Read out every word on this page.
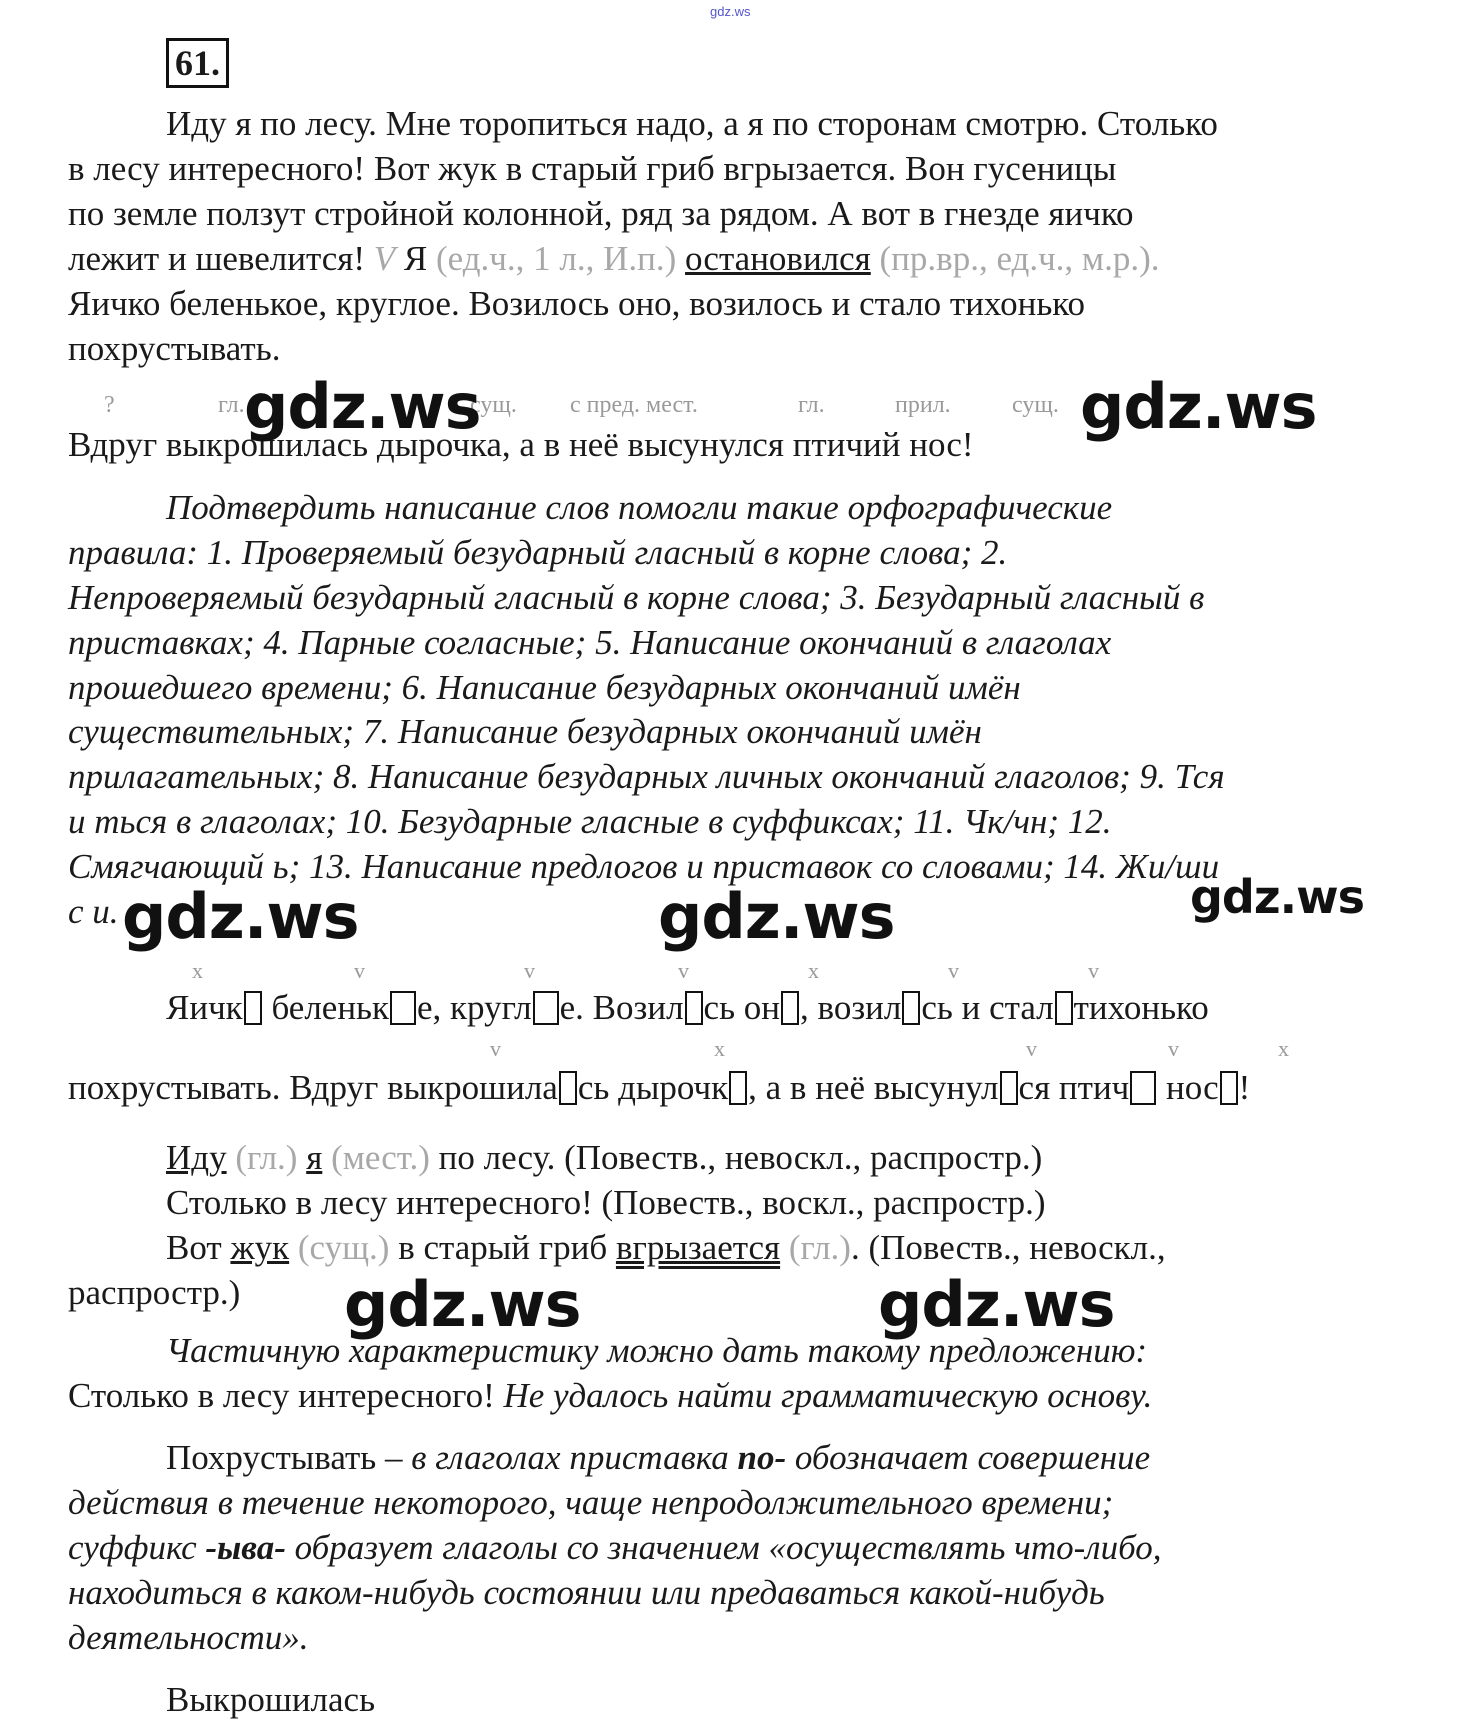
gdz.ws
61.
Иду я по лесу. Мне торопиться надо, а я по сторонам смотрю. Столько
в лесу интересного! Вот жук в старый гриб вгрызается. Вон гусеницы
по земле ползут стройной колонной, ряд за рядом. А вот в гнезде яичко
лежит и шевелится! V Я (ед.ч., 1 л., И.п.) остановился (пр.вр., ед.ч., м.р.).
Яичко беленькое, круглое. Возилось оно, возилось и стало тихонько
похрустывать.
?	гл.	сущ. с пред. мест.	гл.	прил.	сущ.
Вдруг выкрошилась дырочка, а в неё высунулся птичий нос!
Подтвердить написание слов помогли такие орфографические
правила: 1. Проверяемый безударный гласный в корне слова; 2.
Непроверяемый безударный гласный в корне слова; 3. Безударный гласный в
приставках; 4. Парные согласные; 5. Написание окончаний в глаголах
прошедшего времени; 6. Написание безударных окончаний имён
существительных; 7. Написание безударных окончаний имён
прилагательных; 8. Написание безударных личных окончаний глаголов; 9. Тся
и ться в глаголах; 10. Безударные гласные в суффиксах; 11. Чк/чн; 12.
Смягчающий ь; 13. Написание предлогов и приставок со словами; 14. Жи/ши
с и.
x	v	v	v	x	v	v
Яичк беленьк е, кругл е. Возил сь он , возил сь и стал тихонько
v	x	v	v	x
похрустывать. Вдруг выкрошила сь дырочк , а в неё высунул ся птич нос !
Иду (гл.) я (мест.) по лесу. (Повеств., невоскл., распростр.)
Столько в лесу интересного! (Повеств., воскл., распростр.)
Вот жук (сущ.) в старый гриб вгрызается (гл.). (Повеств., невоскл.,
распростр.)
Частичную характеристику можно дать такому предложению:
Столько в лесу интересного! Не удалось найти грамматическую основу.
Похрустывать – в глаголах приставка по- обозначает совершение
действия в течение некоторого, чаще непродолжительного времени;
суффикс -ыва- образует глаголы со значением «осуществлять что-либо,
находиться в каком-нибудь состоянии или предаваться какой-нибудь
деятельности».
Выкрошилась
gdz.ws	gdz.ws
gdz.ws	gdz.ws	gdz.ws
gdz.ws	gdz.ws
